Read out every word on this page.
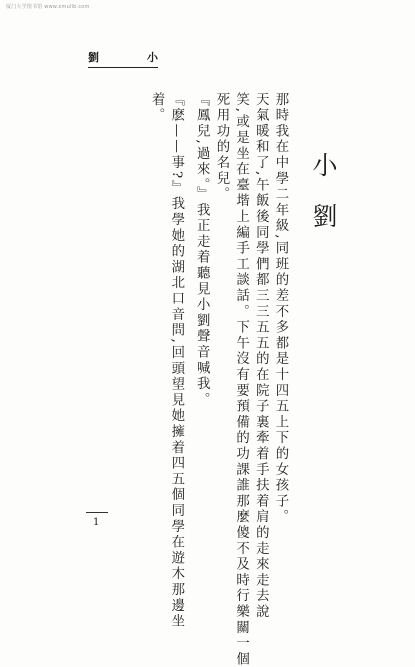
厦门大学图书馆 www.xmulib.com
劉	小
小劉
那時我在中學二年級,同班的差不多都是十四五上下的女孩子。
天氣暖和了,午飯後同學們都三三五五的在院子裏牽着手扶着肩的走來走去說
笑,或是坐在臺堦上編手工談話。下午沒有要預備的功課誰那麼傻不及時行樂關一個
死用功的名兒。
『鳳兒,過來。』我正走着聽見小劉聲音喊我。
『麽——事?』我學她的湖北口音問,回頭望見她擁着四五個同學在遊木那邊坐
着。
1
